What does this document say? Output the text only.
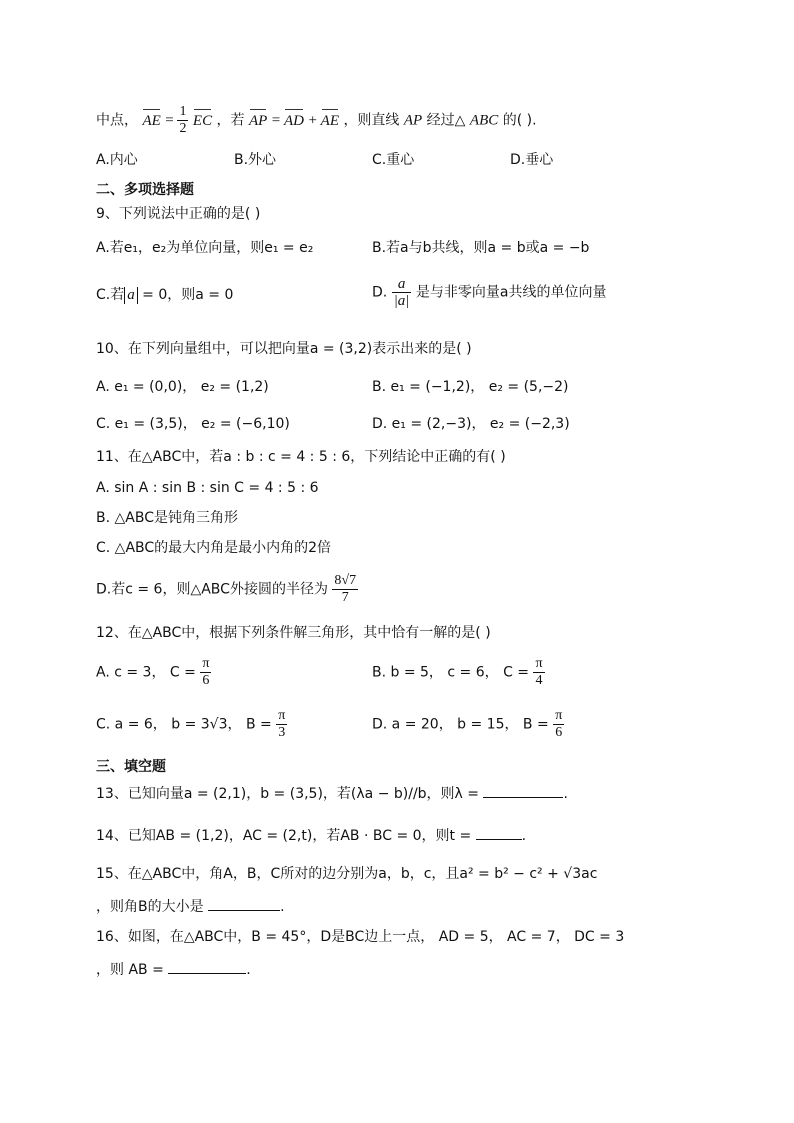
中点， AE = $\frac{1}{2}$ EC ，若 AP = AD + AE ，则直线 AP 经过△ ABC 的( ).
A.内心	B.外心	C.重心	D.垂心
二、多项选择题
9、下列说法中正确的是( )
A.若e₁，e₂为单位向量，则e₁ = e₂	B.若a与b共线，则a = b或a = −b
C.若 a = 0，则a = 0	D. $\frac{a}{|a|}$ 是与非零向量a共线的单位向量
10、在下列向量组中，可以把向量a = (3,2)表示出来的是( )
A. e₁ = (0,0)， e₂ = (1,2)	B. e₁ = (−1,2)， e₂ = (5,−2)
C. e₁ = (3,5)， e₂ = (−6,10)	D. e₁ = (2,−3)， e₂ = (−2,3)
11、在△ABC中，若a : b : c = 4 : 5 : 6，下列结论中正确的有( )
A. sin A : sin B : sin C = 4 : 5 : 6
B. △ABC是钝角三角形
C. △ABC的最大内角是最小内角的2倍
D.若c = 6，则△ABC外接圆的半径为 $\frac{8√7}{7}$
12、在△ABC中，根据下列条件解三角形，其中恰有一解的是( )
A. c = 3， $C = \frac{\pi}{6}$	B. b = 5， c = 6， $C = \frac{\pi}{4}$
C. a = 6， b = 3√3， $B = \frac{\pi}{3}$	D. a = 20， b = 15， $B = \frac{\pi}{6}$
三、填空题
13、已知向量a = (2,1)，b = (3,5)，若(λa − b)//b，则λ =	.
14、已知AB = (1,2)，AC = (2,t)，若AB · BC = 0，则t =	.
15、在△ABC中，角A，B，C所对的边分别为a，b，c，且a² = b² − c² + √3ac
，则角B的大小是	.
16、如图，在△ABC中，B = 45°，D是BC边上一点， AD = 5， AC = 7， DC = 3
，则 AB =	.
